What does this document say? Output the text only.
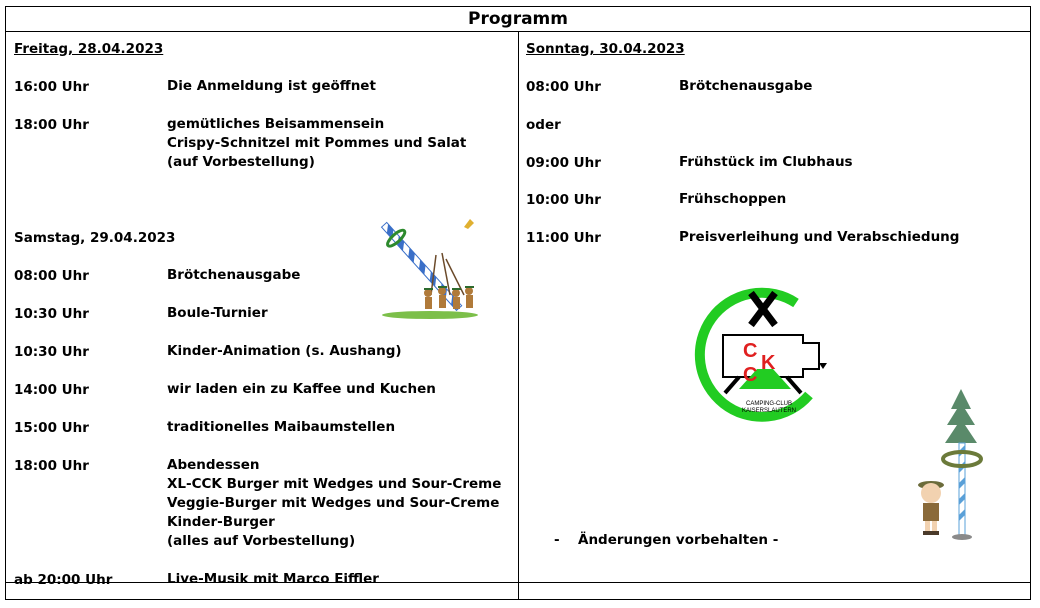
Programm
Freitag, 28.04.2023
16:00 Uhr	Die Anmeldung ist geöffnet
18:00 Uhr	gemütliches Beisammensein
Crispy-Schnitzel mit Pommes und Salat
(auf Vorbestellung)
Samstag, 29.04.2023
08:00 Uhr	Brötchenausgabe
10:30 Uhr	Boule-Turnier
10:30 Uhr	Kinder-Animation (s. Aushang)
14:00 Uhr	wir laden ein zu Kaffee und Kuchen
15:00 Uhr	traditionelles Maibaumstellen
18:00 Uhr	Abendessen
XL-CCK Burger mit Wedges und Sour-Creme
Veggie-Burger mit Wedges und Sour-Creme
Kinder-Burger
(alles auf Vorbestellung)
ab 20:00 Uhr	Live-Musik mit Marco Eiffler
Sonntag, 30.04.2023
08:00 Uhr	Brötchenausgabe
oder
09:00 Uhr	Frühstück im Clubhaus
10:00 Uhr	Frühschoppen
11:00 Uhr	Preisverleihung und Verabschiedung
- Änderungen vorbehalten -
C
K
C
CAMPING-CLUB
KAISERSLAUTERN
